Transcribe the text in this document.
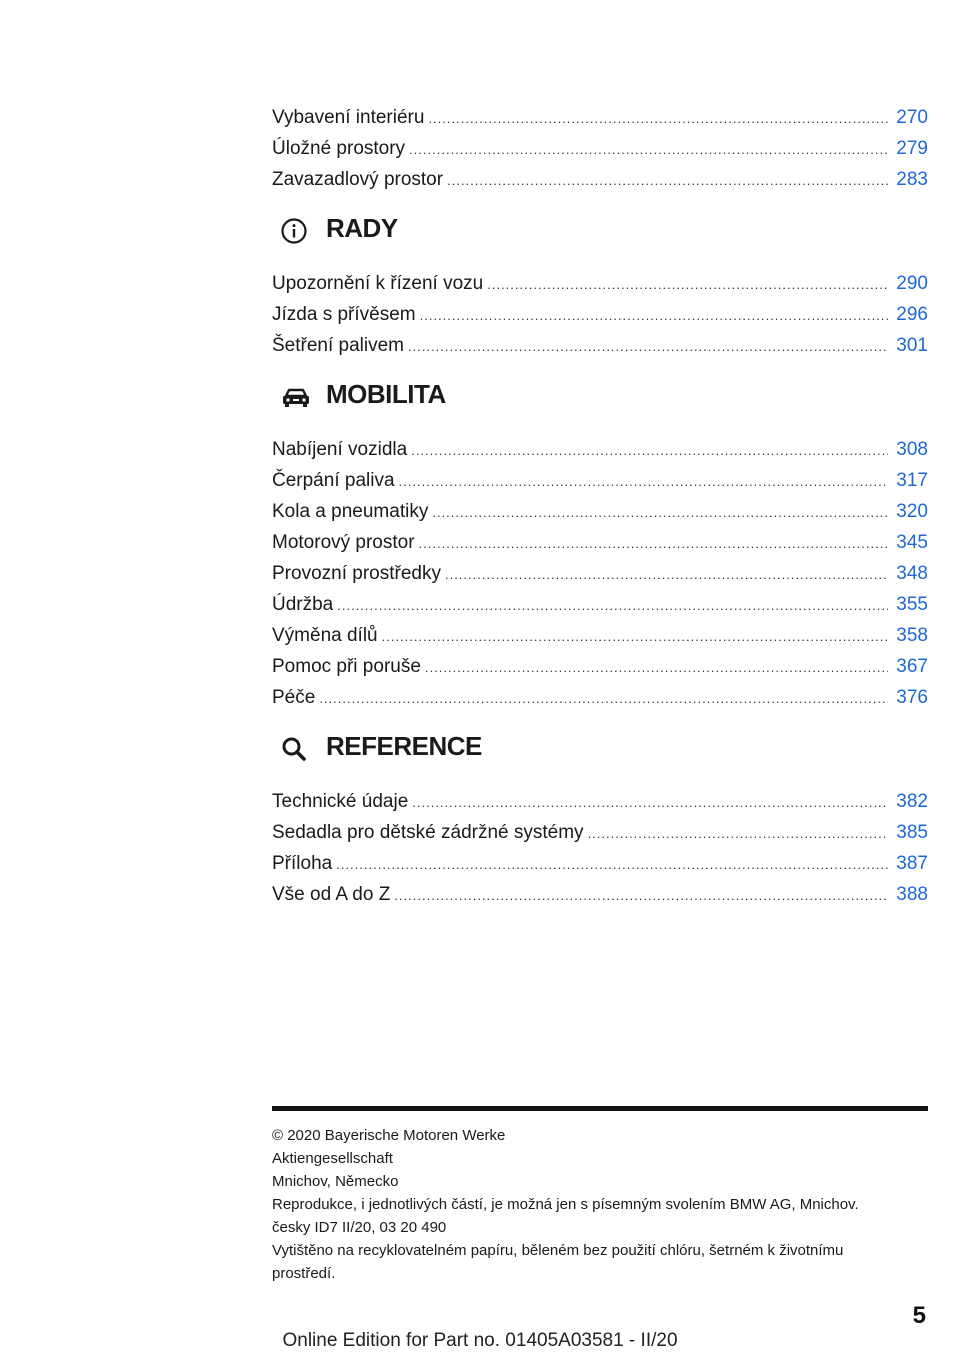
Vybavení interiéru .....	270
Úložné prostory .....	279
Zavazadlový prostor .....	283
RADY
Upozornění k řízení vozu .....	290
Jízda s přívěsem .....	296
Šetření palivem .....	301
MOBILITA
Nabíjení vozidla .....	308
Čerpání paliva .....	317
Kola a pneumatiky .....	320
Motorový prostor .....	345
Provozní prostředky .....	348
Údržba .....	355
Výměna dílů .....	358
Pomoc při poruše .....	367
Péče .....	376
REFERENCE
Technické údaje .....	382
Sedadla pro dětské zádržné systémy .....	385
Příloha .....	387
Vše od A do Z .....	388
© 2020 Bayerische Motoren Werke
Aktiengesellschaft
Mnichov, Německo
Reprodukce, i jednotlivých částí, je možná jen s písemným svolením BMW AG, Mnichov.
česky ID7 II/20, 03 20 490
Vytištěno na recyklovatelném papíru, běleném bez použití chlóru, šetrném k životnímu
prostředí.
5
Online Edition for Part no. 01405A03581 - II/20
